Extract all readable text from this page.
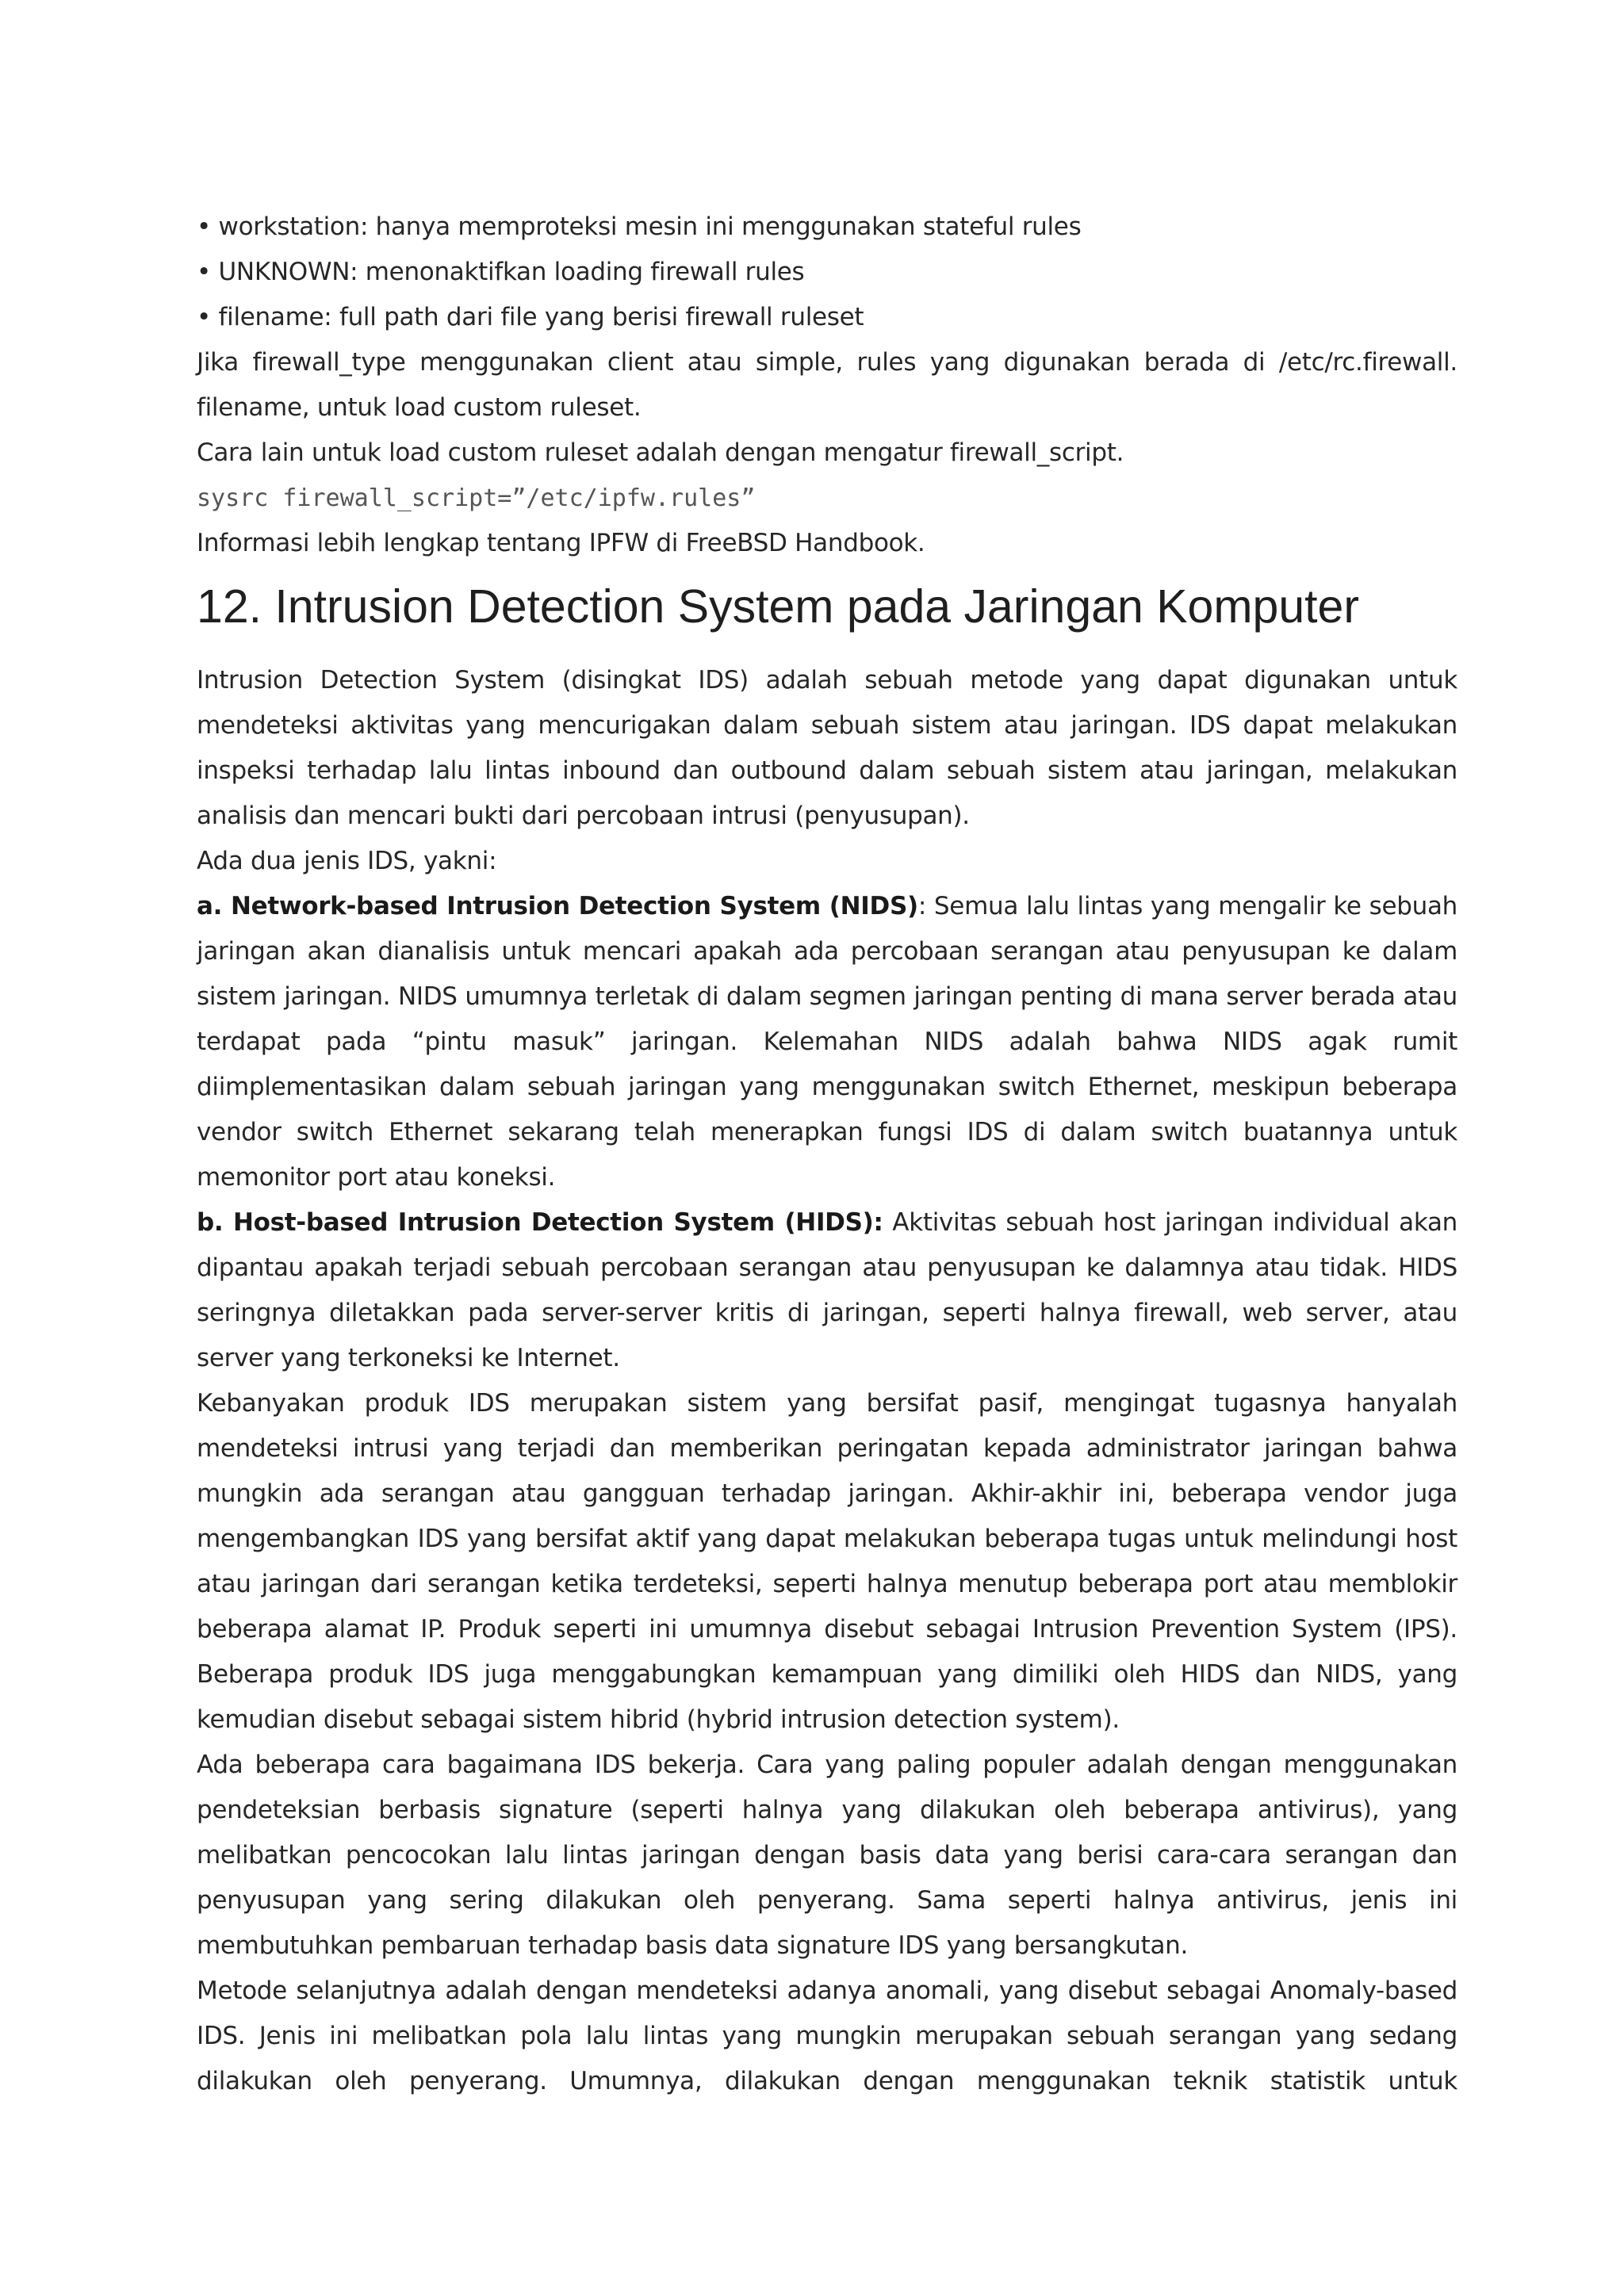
• workstation: hanya memproteksi mesin ini menggunakan stateful rules

• UNKNOWN: menonaktifkan loading firewall rules

• filename: full path dari file yang berisi firewall ruleset

Jika firewall_type menggunakan client atau simple, rules yang digunakan berada di /etc/rc.firewall. filename, untuk load custom ruleset.

Cara lain untuk load custom ruleset adalah dengan mengatur firewall_script.

sysrc firewall_script=”/etc/ipfw.rules”

Informasi lebih lengkap tentang IPFW di FreeBSD Handbook.

12. Intrusion Detection System pada Jaringan Komputer

Intrusion Detection System (disingkat IDS) adalah sebuah metode yang dapat digunakan untuk mendeteksi aktivitas yang mencurigakan dalam sebuah sistem atau jaringan. IDS dapat melakukan inspeksi terhadap lalu lintas inbound dan outbound dalam sebuah sistem atau jaringan, melakukan analisis dan mencari bukti dari percobaan intrusi (penyusupan).

Ada dua jenis IDS, yakni:

a. Network-based Intrusion Detection System (NIDS): Semua lalu lintas yang mengalir ke sebuah jaringan akan dianalisis untuk mencari apakah ada percobaan serangan atau penyusupan ke dalam sistem jaringan. NIDS umumnya terletak di dalam segmen jaringan penting di mana server berada atau terdapat pada “pintu masuk” jaringan. Kelemahan NIDS adalah bahwa NIDS agak rumit diimplementasikan dalam sebuah jaringan yang menggunakan switch Ethernet, meskipun beberapa vendor switch Ethernet sekarang telah menerapkan fungsi IDS di dalam switch buatannya untuk memonitor port atau koneksi.

b. Host-based Intrusion Detection System (HIDS): Aktivitas sebuah host jaringan individual akan dipantau apakah terjadi sebuah percobaan serangan atau penyusupan ke dalamnya atau tidak. HIDS seringnya diletakkan pada server-server kritis di jaringan, seperti halnya firewall, web server, atau server yang terkoneksi ke Internet.

Kebanyakan produk IDS merupakan sistem yang bersifat pasif, mengingat tugasnya hanyalah mendeteksi intrusi yang terjadi dan memberikan peringatan kepada administrator jaringan bahwa mungkin ada serangan atau gangguan terhadap jaringan. Akhir-akhir ini, beberapa vendor juga mengembangkan IDS yang bersifat aktif yang dapat melakukan beberapa tugas untuk melindungi host atau jaringan dari serangan ketika terdeteksi, seperti halnya menutup beberapa port atau memblokir beberapa alamat IP. Produk seperti ini umumnya disebut sebagai Intrusion Prevention System (IPS). Beberapa produk IDS juga menggabungkan kemampuan yang dimiliki oleh HIDS dan NIDS, yang kemudian disebut sebagai sistem hibrid (hybrid intrusion detection system).

Ada beberapa cara bagaimana IDS bekerja. Cara yang paling populer adalah dengan menggunakan pendeteksian berbasis signature (seperti halnya yang dilakukan oleh beberapa antivirus), yang melibatkan pencocokan lalu lintas jaringan dengan basis data yang berisi cara-cara serangan dan penyusupan yang sering dilakukan oleh penyerang. Sama seperti halnya antivirus, jenis ini membutuhkan pembaruan terhadap basis data signature IDS yang bersangkutan.

Metode selanjutnya adalah dengan mendeteksi adanya anomali, yang disebut sebagai Anomaly-based IDS. Jenis ini melibatkan pola lalu lintas yang mungkin merupakan sebuah serangan yang sedang dilakukan oleh penyerang. Umumnya, dilakukan dengan menggunakan teknik statistik untuk
